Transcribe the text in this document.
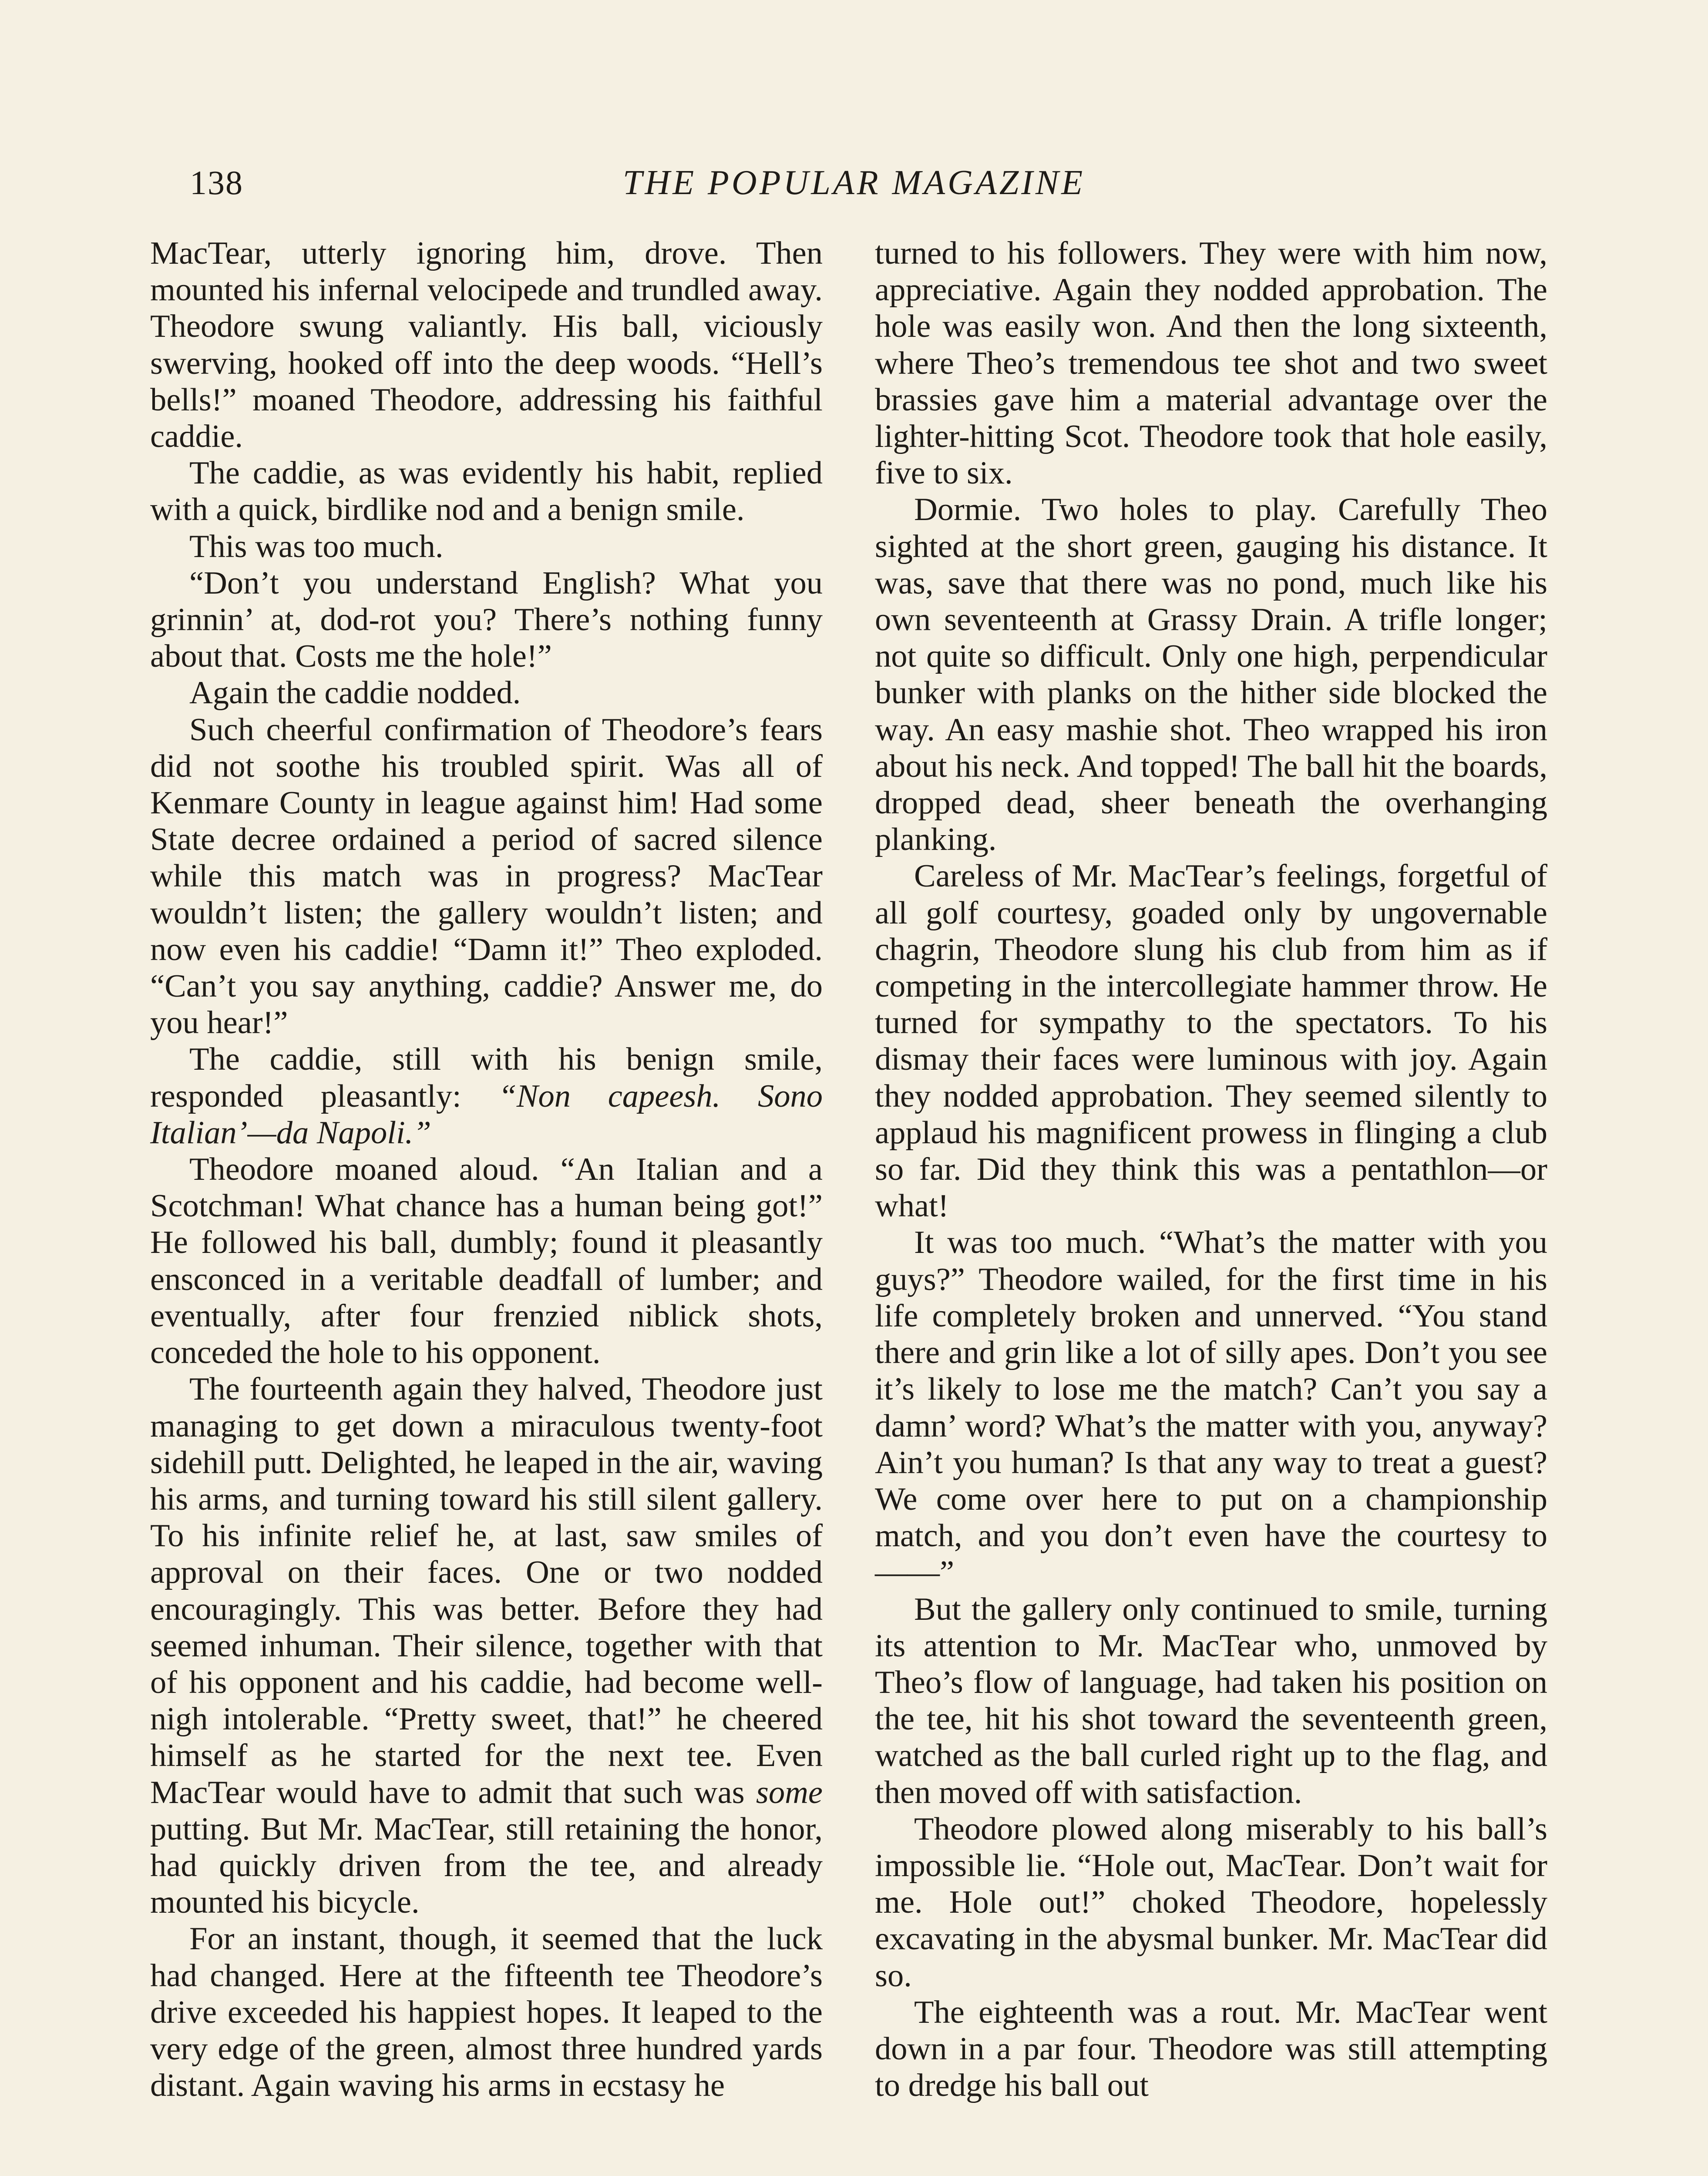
138	THE POPULAR MAGAZINE

MacTear, utterly ignoring him, drove. Then mounted his infernal velocipede and trundled away. Theodore swung valiantly. His ball, viciously swerving, hooked off into the deep woods. “Hell’s bells!” moaned Theodore, addressing his faithful caddie.

The caddie, as was evidently his habit, replied with a quick, birdlike nod and a benign smile.

This was too much.

“Don’t you understand English? What you grinnin’ at, dod-rot you? There’s nothing funny about that. Costs me the hole!”

Again the caddie nodded.

Such cheerful confirmation of Theodore’s fears did not soothe his troubled spirit. Was all of Kenmare County in league against him! Had some State decree ordained a period of sacred silence while this match was in progress? MacTear wouldn’t listen; the gallery wouldn’t listen; and now even his caddie! “Damn it!” Theo exploded. “Can’t you say anything, caddie? Answer me, do you hear!”

The caddie, still with his benign smile, responded pleasantly: “Non capeesh. Sono Italian’—da Napoli.”

Theodore moaned aloud. “An Italian and a Scotchman! What chance has a human being got!” He followed his ball, dumbly; found it pleasantly ensconced in a veritable deadfall of lumber; and eventually, after four frenzied niblick shots, conceded the hole to his opponent.

The fourteenth again they halved, Theodore just managing to get down a miraculous twenty-foot sidehill putt. Delighted, he leaped in the air, waving his arms, and turning toward his still silent gallery. To his infinite relief he, at last, saw smiles of approval on their faces. One or two nodded encouragingly. This was better. Before they had seemed inhuman. Their silence, together with that of his opponent and his caddie, had become well-nigh intolerable. “Pretty sweet, that!” he cheered himself as he started for the next tee. Even MacTear would have to admit that such was some putting. But Mr. MacTear, still retaining the honor, had quickly driven from the tee, and already mounted his bicycle.

For an instant, though, it seemed that the luck had changed. Here at the fifteenth tee Theodore’s drive exceeded his happiest hopes. It leaped to the very edge of the green, almost three hundred yards distant. Again waving his arms in ecstasy he

turned to his followers. They were with him now, appreciative. Again they nodded approbation. The hole was easily won. And then the long sixteenth, where Theo’s tremendous tee shot and two sweet brassies gave him a material advantage over the lighter-hitting Scot. Theodore took that hole easily, five to six.

Dormie. Two holes to play. Carefully Theo sighted at the short green, gauging his distance. It was, save that there was no pond, much like his own seventeenth at Grassy Drain. A trifle longer; not quite so difficult. Only one high, perpendicular bunker with planks on the hither side blocked the way. An easy mashie shot. Theo wrapped his iron about his neck. And topped! The ball hit the boards, dropped dead, sheer beneath the overhanging planking.

Careless of Mr. MacTear’s feelings, forgetful of all golf courtesy, goaded only by ungovernable chagrin, Theodore slung his club from him as if competing in the intercollegiate hammer throw. He turned for sympathy to the spectators. To his dismay their faces were luminous with joy. Again they nodded approbation. They seemed silently to applaud his magnificent prowess in flinging a club so far. Did they think this was a pentathlon—or what!

It was too much. “What’s the matter with you guys?” Theodore wailed, for the first time in his life completely broken and unnerved. “You stand there and grin like a lot of silly apes. Don’t you see it’s likely to lose me the match? Can’t you say a damn’ word? What’s the matter with you, anyway? Ain’t you human? Is that any way to treat a guest? We come over here to put on a championship match, and you don’t even have the courtesy to——”

But the gallery only continued to smile, turning its attention to Mr. MacTear who, unmoved by Theo’s flow of language, had taken his position on the tee, hit his shot toward the seventeenth green, watched as the ball curled right up to the flag, and then moved off with satisfaction.

Theodore plowed along miserably to his ball’s impossible lie. “Hole out, MacTear. Don’t wait for me. Hole out!” choked Theodore, hopelessly excavating in the abysmal bunker. Mr. MacTear did so.

The eighteenth was a rout. Mr. MacTear went down in a par four. Theodore was still attempting to dredge his ball out
